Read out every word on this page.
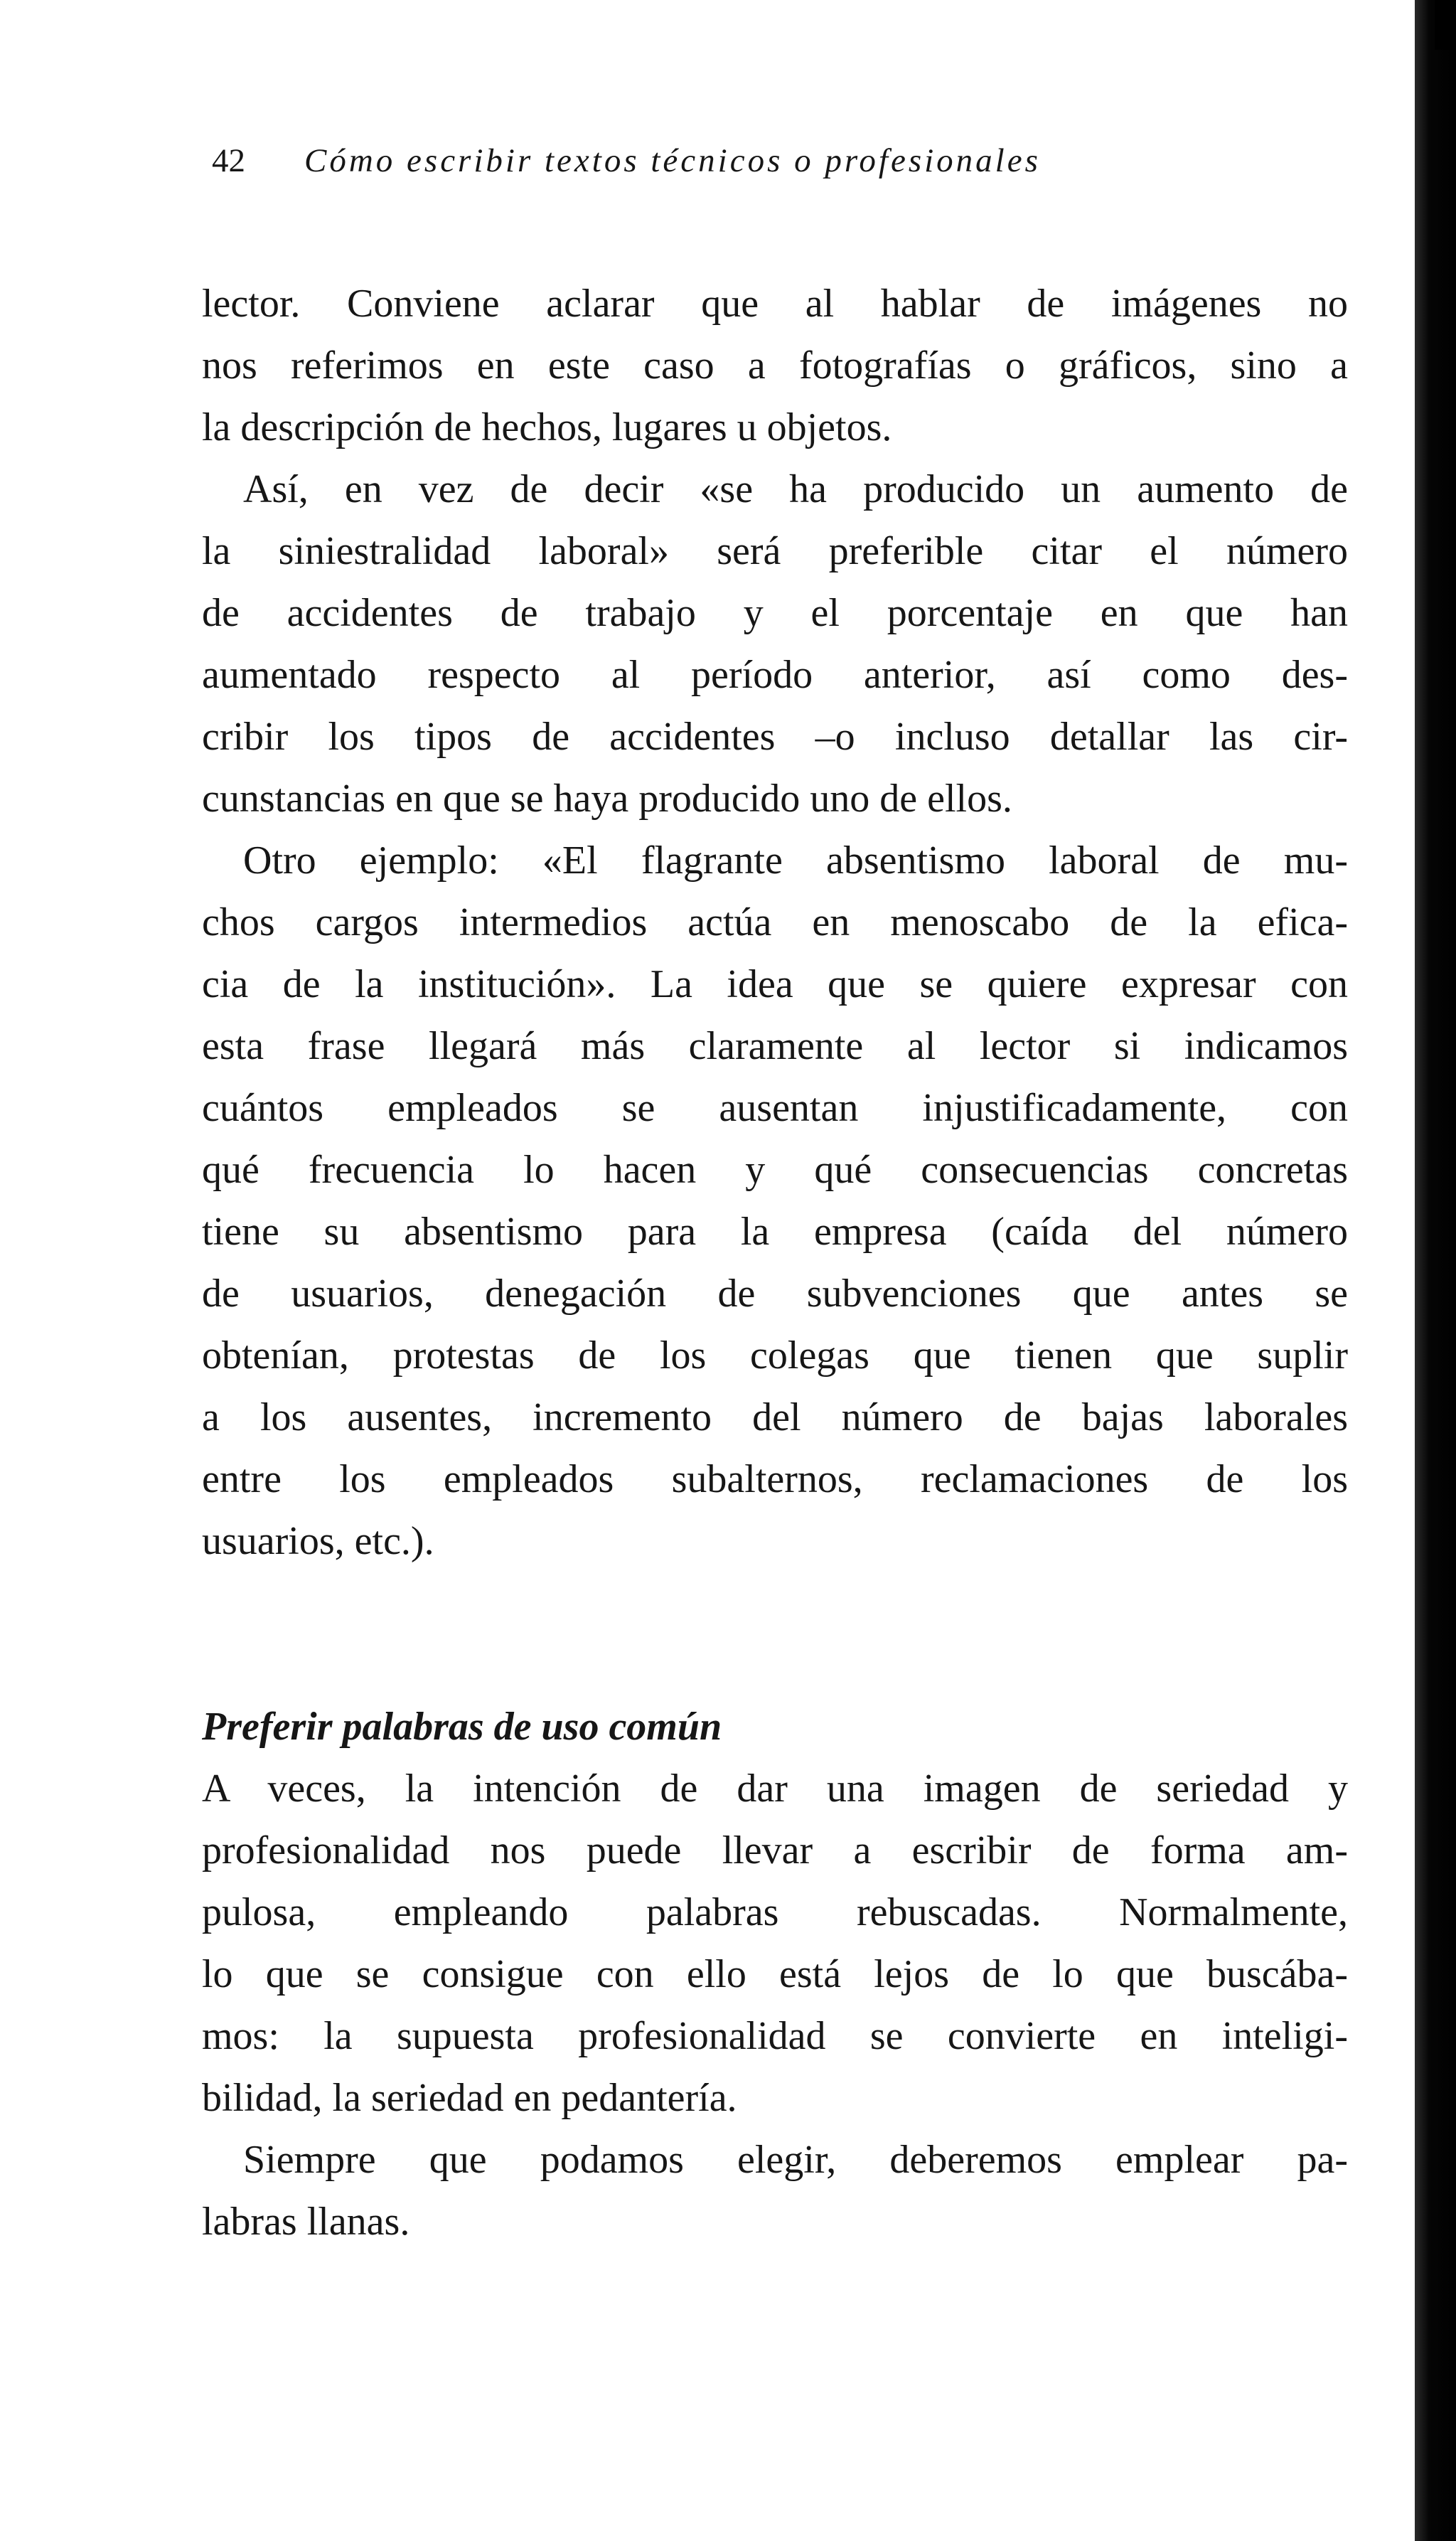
42 Cómo escribir textos técnicos o profesionales
lector. Conviene aclarar que al hablar de imágenes no
nos referimos en este caso a fotografías o gráficos, sino a
la descripción de hechos, lugares u objetos.
Así, en vez de decir «se ha producido un aumento de
la siniestralidad laboral» será preferible citar el número
de accidentes de trabajo y el porcentaje en que han
aumentado respecto al período anterior, así como des-
cribir los tipos de accidentes –o incluso detallar las cir-
cunstancias en que se haya producido uno de ellos.
Otro ejemplo: «El flagrante absentismo laboral de mu-
chos cargos intermedios actúa en menoscabo de la efica-
cia de la institución». La idea que se quiere expresar con
esta frase llegará más claramente al lector si indicamos
cuántos empleados se ausentan injustificadamente, con
qué frecuencia lo hacen y qué consecuencias concretas
tiene su absentismo para la empresa (caída del número
de usuarios, denegación de subvenciones que antes se
obtenían, protestas de los colegas que tienen que suplir
a los ausentes, incremento del número de bajas laborales
entre los empleados subalternos, reclamaciones de los
usuarios, etc.).
Preferir palabras de uso común
A veces, la intención de dar una imagen de seriedad y
profesionalidad nos puede llevar a escribir de forma am-
pulosa, empleando palabras rebuscadas. Normalmente,
lo que se consigue con ello está lejos de lo que buscába-
mos: la supuesta profesionalidad se convierte en inteligi-
bilidad, la seriedad en pedantería.
Siempre que podamos elegir, deberemos emplear pa-
labras llanas.
